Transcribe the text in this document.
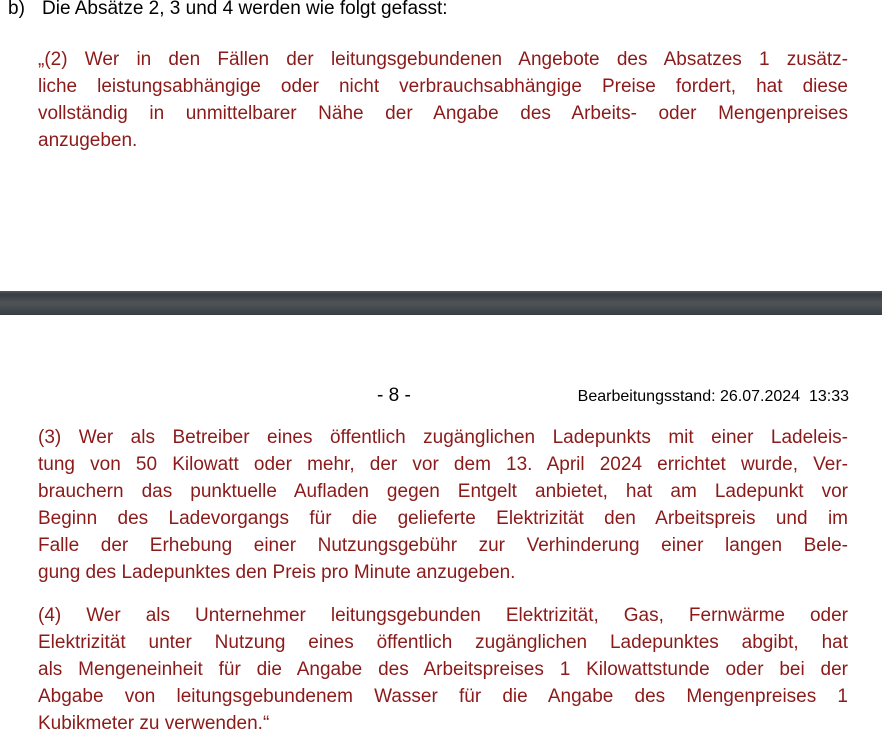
b) Die Absätze 2, 3 und 4 werden wie folgt gefasst:
„(2) Wer in den Fällen der leitungsgebundenen Angebote des Absatzes 1 zusätz-
liche leistungsabhängige oder nicht verbrauchsabhängige Preise fordert, hat diese
vollständig in unmittelbarer Nähe der Angabe des Arbeits- oder Mengenpreises
anzugeben.
- 8 -	Bearbeitungsstand: 26.07.2024  13:33
(3) Wer als Betreiber eines öffentlich zugänglichen Ladepunkts mit einer Ladeleis-
tung von 50 Kilowatt oder mehr, der vor dem 13. April 2024 errichtet wurde, Ver-
brauchern das punktuelle Aufladen gegen Entgelt anbietet, hat am Ladepunkt vor
Beginn des Ladevorgangs für die gelieferte Elektrizität den Arbeitspreis und im
Falle der Erhebung einer Nutzungsgebühr zur Verhinderung einer langen Bele-
gung des Ladepunktes den Preis pro Minute anzugeben.
(4) Wer als Unternehmer leitungsgebunden Elektrizität, Gas, Fernwärme oder
Elektrizität unter Nutzung eines öffentlich zugänglichen Ladepunktes abgibt, hat
als Mengeneinheit für die Angabe des Arbeitspreises 1 Kilowattstunde oder bei der
Abgabe von leitungsgebundenem Wasser für die Angabe des Mengenpreises 1
Kubikmeter zu verwenden.“
